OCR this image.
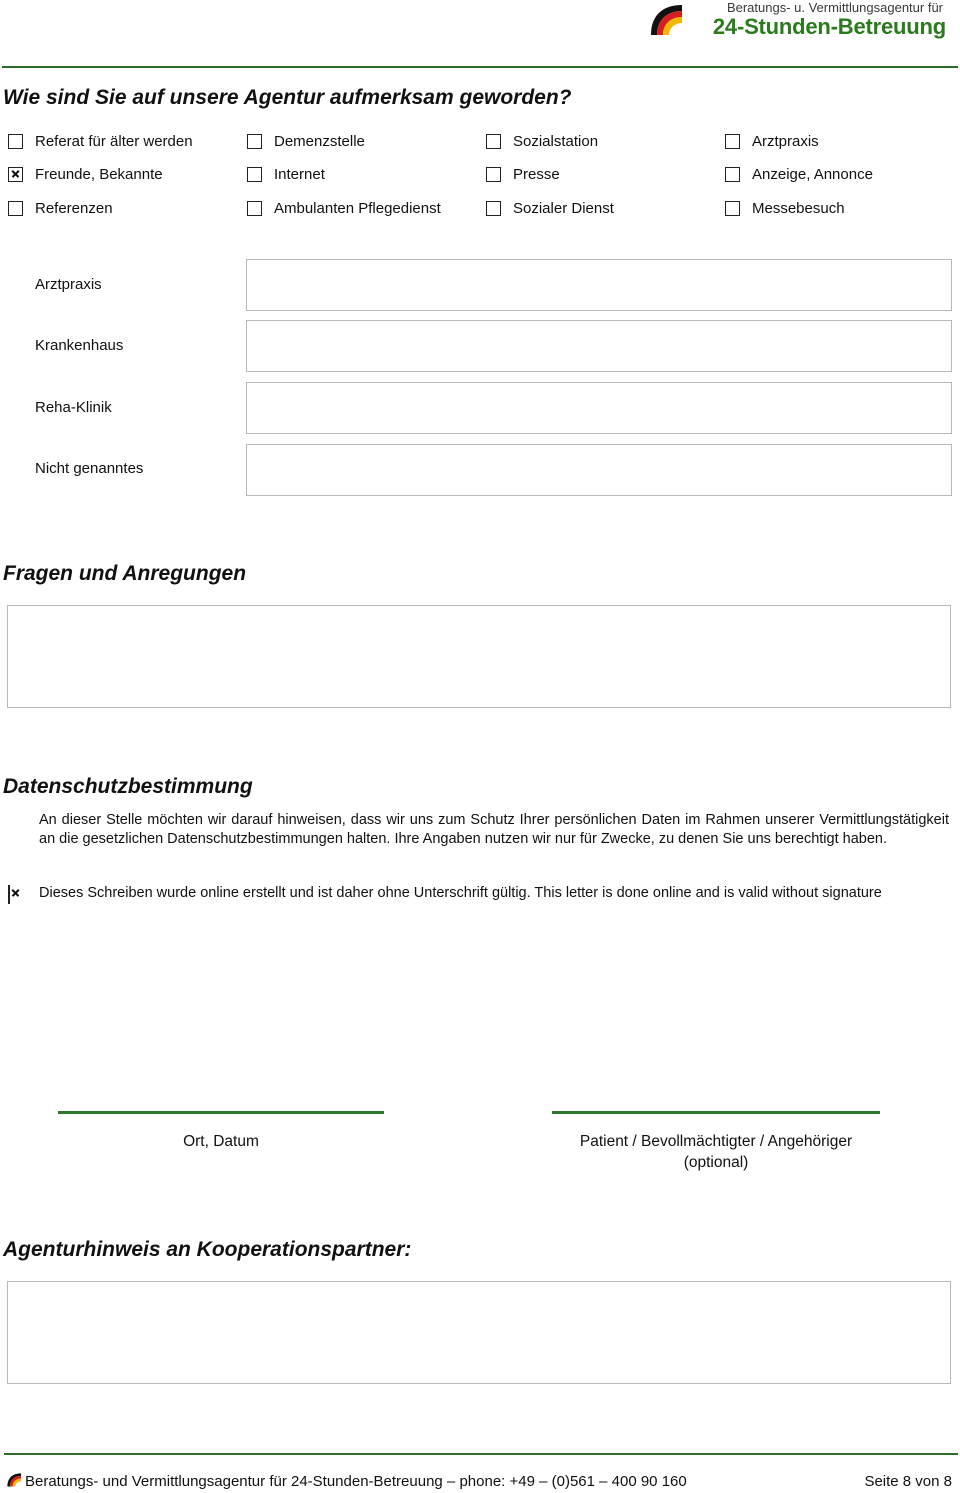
Beratungs- u. Vermittlungsagentur für
24-Stunden-Betreuung
Wie sind Sie auf unsere Agentur aufmerksam geworden?
Referat für älter werden	Demenzstelle	Sozialstation	Arztpraxis
Freunde, Bekannte	Internet	Presse	Anzeige, Annonce
Referenzen	Ambulanten Pflegedienst	Sozialer Dienst	Messebesuch
Arztpraxis
Krankenhaus
Reha-Klinik
Nicht genanntes
Fragen und Anregungen
Datenschutzbestimmung
An dieser Stelle möchten wir darauf hinweisen, dass wir uns zum Schutz Ihrer persönlichen Daten im Rahmen unserer Vermittlungstätigkeit an die gesetzlichen Datenschutzbestimmungen halten. Ihre Angaben nutzen wir nur für Zwecke, zu denen Sie uns berechtigt haben.
Dieses Schreiben wurde online erstellt und ist daher ohne Unterschrift gültig. This letter is done online and is valid without signature
Ort, Datum	Patient / Bevollmächtigter / Angehöriger
(optional)
Agenturhinweis an Kooperationspartner:
Beratungs- und Vermittlungsagentur für 24-Stunden-Betreuung – phone: +49 – (0)561 – 400 90 160	Seite 8 von 8
